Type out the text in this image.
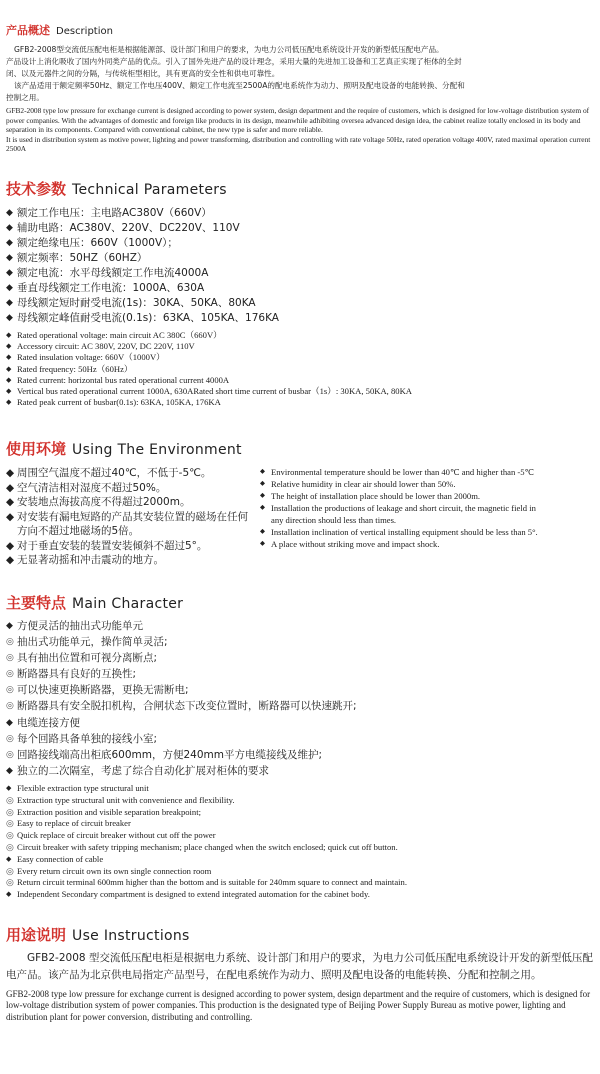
产品概述 Description

GFB2-2008型交流低压配电柜是根据能源部、设计部门和用户的要求，为电力公司低压配电系统设计开发的新型低压配电产品。

产品设计上消化吸收了国内外同类产品的优点。引入了国外先进产品的设计理念，采用大量的先进加工设备和工艺真正实现了柜体的全封

闭、以及元器件之间的分隔，与传统柜型相比，具有更高的安全性和供电可靠性。

该产品适用于额定频率50Hz、额定工作电压400V、额定工作电流至2500A的配电系统作为动力、照明及配电设备的电能转换、分配和

控制之用。

GFB2-2008 type low pressure for exchange current is designed according to power system, design department and the require of customers, which is designed for low-voltage distribution system of power companies. With the advantages of domestic and foreign like products in its design, meanwhile adhibiting oversea advanced design idea, the cabinet realize totally enclosed in its body and separation in its components. Compared with conventional cabinet, the new type is safer and more reliable.

It is used in distribution system as motive power, lighting and power transforming, distribution and controlling with rate voltage 50Hz, rated operation voltage 400V, rated maximal operation current 2500A

技术参数 Technical Parameters
◆ 额定工作电压：主电路AC380V（660V）
◆ 辅助电路：AC380V、220V、DC220V、110V
◆ 额定绝缘电压：660V（1000V）；
◆ 额定频率：50HZ（60HZ）
◆ 额定电流：水平母线额定工作电流4000A
◆ 垂直母线额定工作电流：1000A、630A
◆ 母线额定短时耐受电流(1s)：30KA、50KA、80KA
◆ 母线额定峰值耐受电流(0.1s)：63KA、105KA、176KA
◆ Rated operational voltage: main circuit AC 380C（660V）
◆ Accessory circuit: AC 380V, 220V, DC 220V, 110V
◆ Rated insulation voltage: 660V（1000V）
◆ Rated frequency: 50Hz（60Hz）
◆ Rated current: horizontal bus rated operational current 4000A
◆ Vertical bus rated operational current 1000A, 630ARated short time current of busbar（1s）: 30KA, 50KA, 80KA
◆ Rated peak current of busbar(0.1s): 63KA, 105KA, 176KA
使用环境 Using The Environment
◆ 周围空气温度不超过40℃，不低于-5℃。
◆ 空气清洁相对湿度不超过50%。
◆ 安装地点海拔高度不得超过2000m。
◆ 对安装有漏电短路的产品其安装位置的磁场在任何方向不超过地磁场的5倍。
◆ 对于垂直安装的装置安装倾斜不超过5°。
◆ 无显著动摇和冲击震动的地方。
◆ Environmental temperature should be lower than 40℃ and higher than -5℃
◆ Relative humidity in clear air should lower than 50%.
◆ The height of installation place should be lower than 2000m.
◆ Installation the productions of leakage and short circuit, the magnetic field in any direction should less than times.
◆ Installation inclination of vertical installing equipment should be less than 5°.
◆ A place without striking move and impact shock.
主要特点 Main Character
◆ 方便灵活的抽出式功能单元
◎ 抽出式功能单元，操作简单灵活;
◎ 具有抽出位置和可视分离断点;
◎ 断路器具有良好的互换性;
◎ 可以快速更换断路器，更换无需断电;
◎ 断路器具有安全脱扣机构，合闸状态下改变位置时，断路器可以快速跳开;
◆ 电缆连接方便
◎ 每个回路具备单独的接线小室;
◎ 回路接线端高出柜底600mm，方便240mm平方电缆接线及维护;
◆ 独立的二次隔室，考虑了综合自动化扩展对柜体的要求
◆ Flexible extraction type structural unit
◎ Extraction type structural unit with convenience and flexibility.
◎ Extraction position and visible separation breakpoint;
◎ Easy to replace of circuit breaker
◎ Quick replace of circuit breaker without cut off the power
◎ Circuit breaker with safety tripping mechanism; place changed when the switch enclosed; quick cut off button.
◆ Easy connection of cable
◎ Every return circuit own its own single connection room
◎ Return circuit terminal 600mm higher than the bottom and is suitable for 240mm square to connect and maintain.
◆ Independent Secondary compartment is designed to extend integrated automation for the cabinet body.
用途说明 Use Instructions

GFB2-2008 型交流低压配电柜是根据电力系统、设计部门和用户的要求，为电力公司低压配电系统设计开发的新型低压配电产品。该产品为北京供电局指定产品型号，在配电系统作为动力、照明及配电设备的电能转换、分配和控制之用。

GFB2-2008 type low pressure for exchange current is designed according to power system, design department and the require of customers, which is designed for low-voltage distribution system of power companies. This production is the designated type of Beijing Power Supply Bureau as motive power, lighting and distribution plant for power conversion, distributing and controlling.
